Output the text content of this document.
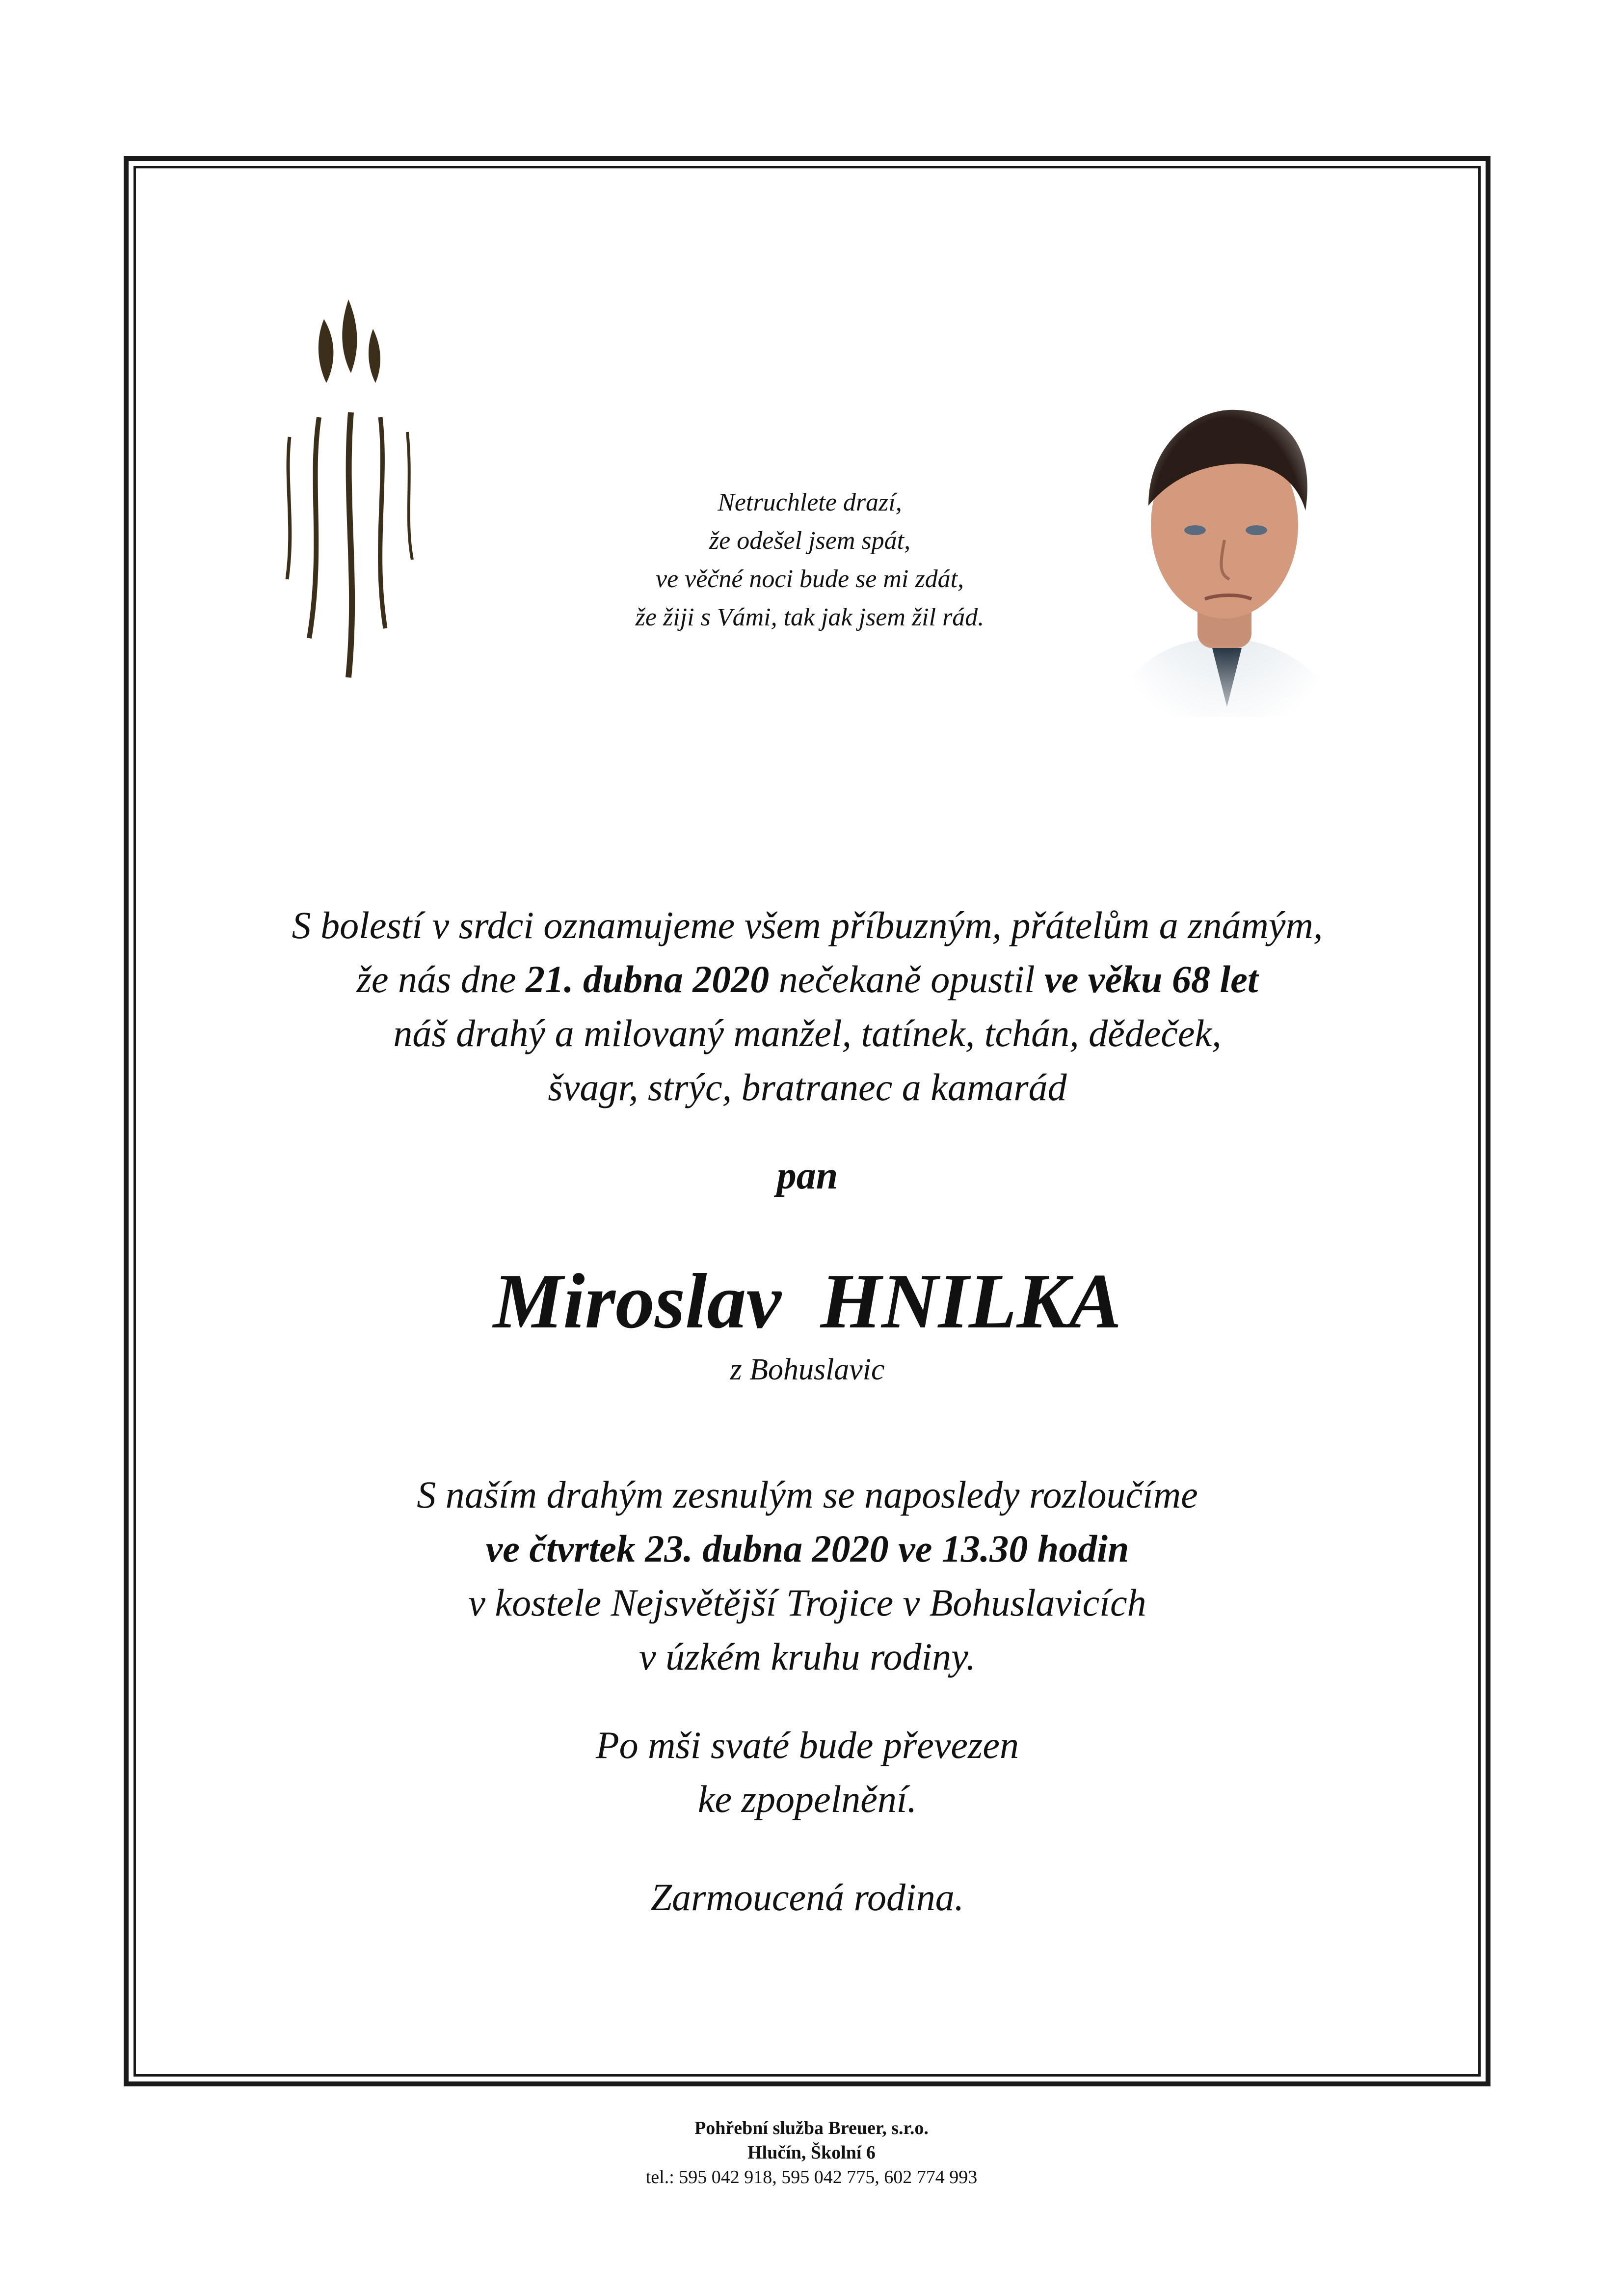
Netruchlete drazí,
že odešel jsem spát,
ve věčné noci bude se mi zdát,
že žiji s Vámi, tak jak jsem žil rád.
S bolestí v srdci oznamujeme všem příbuzným, přátelům a známým,
že nás dne 21. dubna 2020 nečekaně opustil ve věku 68 let
náš drahý a milovaný manžel, tatínek, tchán, dědeček,
švagr, strýc, bratranec a kamarád
pan
Miroslav HNILKA
z Bohuslavic
S naším drahým zesnulým se naposledy rozloučíme
ve čtvrtek 23. dubna 2020 ve 13.30 hodin
v kostele Nejsvětější Trojice v Bohuslavicích
v úzkém kruhu rodiny.
Po mši svaté bude převezen
ke zpopelnění.
Zarmoucená rodina.
Pohřební služba Breuer, s.r.o.
Hlučín, Školní 6
tel.: 595 042 918, 595 042 775, 602 774 993
